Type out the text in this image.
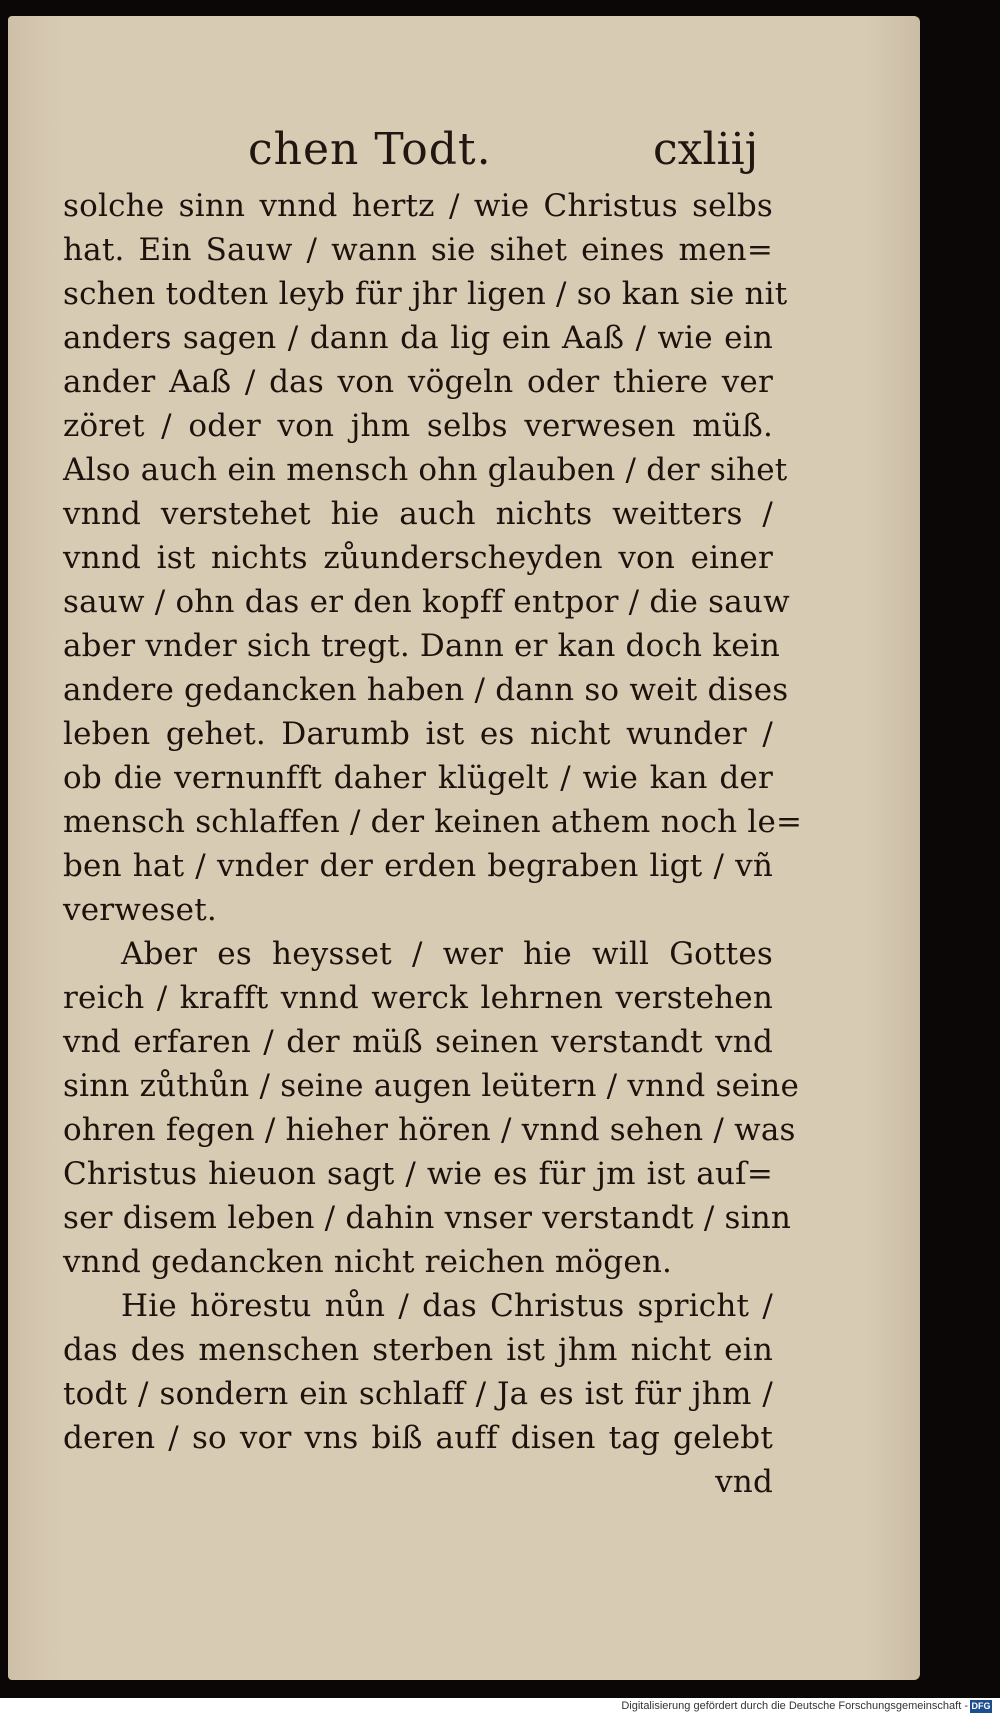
chen Todt.	cxliij
solche sinn vnnd hertz / wie Christus selbs
hat. Ein Sauw / wann sie sihet eines men=
schen todten leyb für jhr ligen / so kan sie nit
anders sagen / dann da lig ein Aaß / wie ein
ander Aaß / das von vögeln oder thiere ver
zöret / oder von jhm selbs verwesen müß.
Also auch ein mensch ohn glauben / der sihet
vnnd verstehet hie auch nichts weitters /
vnnd ist nichts zůunderscheyden von einer
sauw / ohn das er den kopff entpor / die sauw
aber vnder sich tregt. Dann er kan doch kein
andere gedancken haben / dann so weit dises
leben gehet. Darumb ist es nicht wunder /
ob die vernunfft daher klügelt / wie kan der
mensch schlaffen / der keinen athem noch le=
ben hat / vnder der erden begraben ligt / vñ
verweset.
Aber es heysset / wer hie will Gottes
reich / krafft vnnd werck lehrnen verstehen
vnd erfaren / der müß seinen verstandt vnd
sinn zůthůn / seine augen leütern / vnnd seine
ohren fegen / hieher hören / vnnd sehen / was
Christus hieuon sagt / wie es für jm ist auſ=
ser disem leben / dahin vnser verstandt / sinn
vnnd gedancken nicht reichen mögen.
Hie hörestu nůn / das Christus spricht /
das des menschen sterben ist jhm nicht ein
todt / sondern ein schlaff / Ja es ist für jhm /
deren / so vor vns biß auff disen tag gelebt
vnd
Digitalisierung gefördert durch die Deutsche Forschungsgemeinschaft - DFG
